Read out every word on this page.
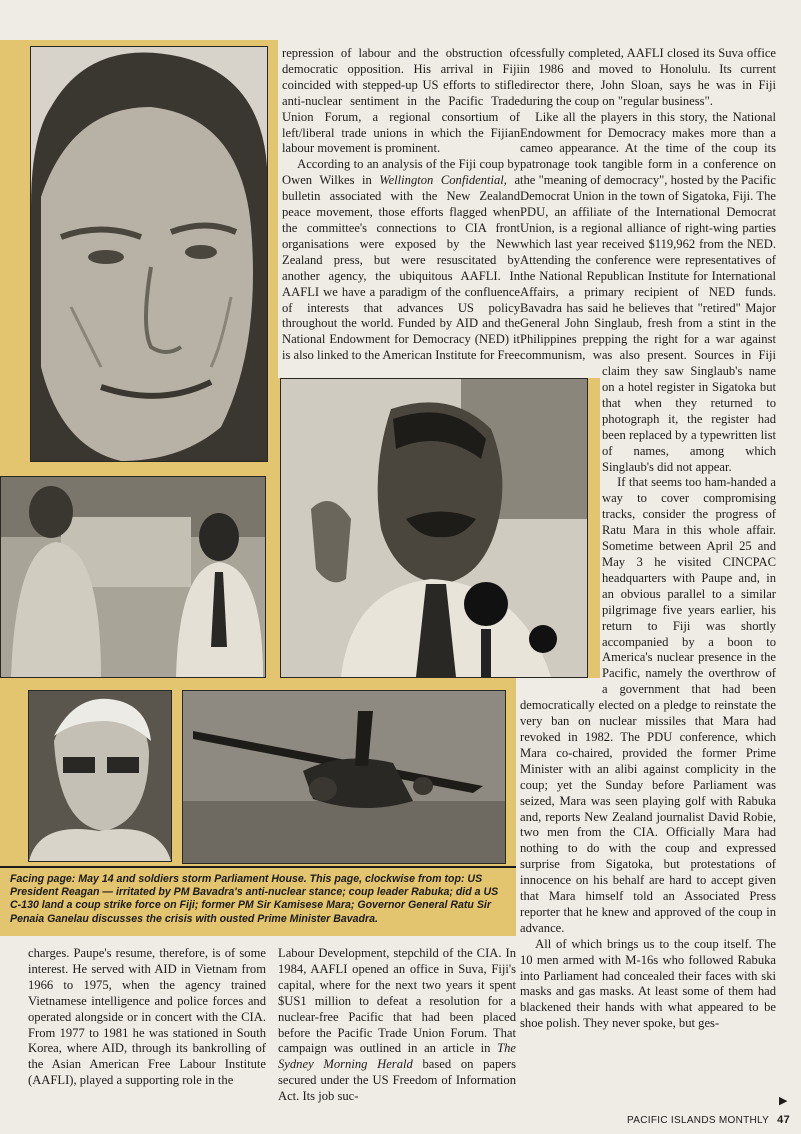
repression of labour and the obstruction of democratic opposition. His arrival in Fiji coincided with stepped-up US efforts to stifle anti-nuclear sentiment in the Pacific Trade Union Forum, a regional consortium of left/liberal trade unions in which the Fijian labour movement is prominent.

According to an analysis of the Fiji coup by Owen Wilkes in Wellington Confidential, a bulletin associated with the New Zealand peace movement, those efforts flagged when the committee's connections to CIA front organisations were exposed by the New Zealand press, but were resuscitated by another agency, the ubiquitous AAFLI. In AAFLI we have a paradigm of the confluence of interests that advances US policy throughout the world. Funded by AID and the National Endowment for Democracy (NED) it is also linked to the American Institute for Free

cessfully completed, AAFLI closed its Suva office in 1986 and moved to Honolulu. Its current director there, John Sloan, says he was in Fiji during the coup on "regular business".

Like all the players in this story, the National Endowment for Democracy makes more than a cameo appearance. At the time of the coup its patronage took tangible form in a conference on the "meaning of democracy", hosted by the Pacific Democrat Union in the town of Sigatoka, Fiji. The PDU, an affiliate of the International Democrat Union, is a regional alliance of right-wing parties which last year received $119,962 from the NED. Attending the conference were representatives of the National Republican Institute for International Affairs, a primary recipient of NED funds. Bavadra has said he believes that "retired" Major General John Singlaub, fresh from a stint in the Philippines prepping the right for a war against communism, was also present. Sources in Fiji claim they saw Singlaub's name on a hotel register in Sigatoka but that when they returned to photograph it, the register had been replaced by a typewritten list of names, among which Singlaub's did not appear.

If that seems too ham-handed a way to cover compromising tracks, consider the progress of Ratu Mara in this whole affair. Sometime between April 25 and May 3 he visited CINCPAC headquarters with Paupe and, in an obvious parallel to a similar pilgrimage five years earlier, his return to Fiji was shortly accompanied by a boon to America's nuclear presence in the Pacific, namely the overthrow of a government that had been democratically elected on a pledge to reinstate the very ban on nuclear missiles that Mara had revoked in 1982. The PDU conference, which Mara co-chaired, provided the former Prime Minister with an alibi against complicity in the coup; yet the Sunday before Parliament was seized, Mara was seen playing golf with Rabuka and, reports New Zealand journalist David Robie, two men from the CIA. Officially Mara had nothing to do with the coup and expressed surprise from Sigatoka, but protestations of innocence on his behalf are hard to accept given that Mara himself told an Associated Press reporter that he knew and approved of the coup in advance.

All of which brings us to the coup itself. The 10 men armed with M-16s who followed Rabuka into Parliament had concealed their faces with ski masks and gas masks. At least some of them had blackened their hands with what appeared to be shoe polish. They never spoke, but ges-

Facing page: May 14 and soldiers storm Parliament House. This page, clockwise from top: US President Reagan — irritated by PM Bavadra's anti-nuclear stance; coup leader Rabuka; did a US C-130 land a coup strike force on Fiji; former PM Sir Kamisese Mara; Governor General Ratu Sir Penaia Ganelau discusses the crisis with ousted Prime Minister Bavadra.

charges. Paupe's resume, therefore, is of some interest. He served with AID in Vietnam from 1966 to 1975, when the agency trained Vietnamese intelligence and police forces and operated alongside or in concert with the CIA. From 1977 to 1981 he was stationed in South Korea, where AID, through its bankrolling of the Asian American Free Labour Institute (AAFLI), played a supporting role in the

Labour Development, stepchild of the CIA. In 1984, AAFLI opened an office in Suva, Fiji's capital, where for the next two years it spent $US1 million to defeat a resolution for a nuclear-free Pacific that had been placed before the Pacific Trade Union Forum. That campaign was outlined in an article in The Sydney Morning Herald based on papers secured under the US Freedom of Information Act. Its job suc-	▶
PACIFIC ISLANDS MONTHLY 47
